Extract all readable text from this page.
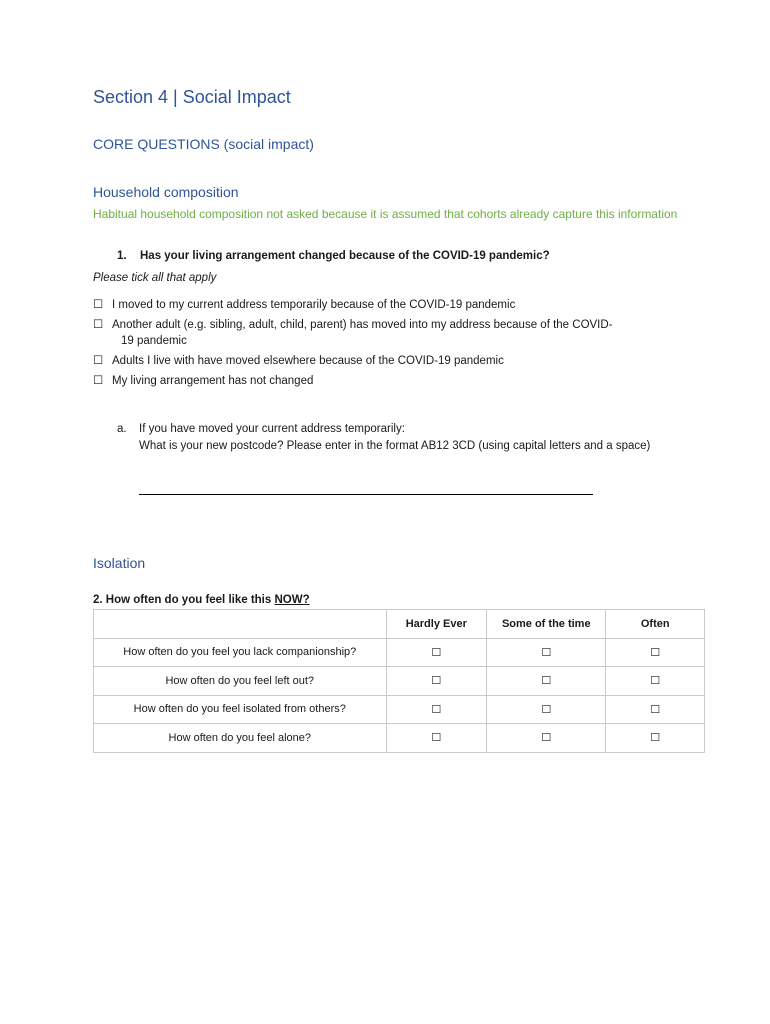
Section 4 | Social Impact
CORE QUESTIONS (social impact)
Household composition
Habitual household composition not asked because it is assumed that cohorts already capture this information
1. Has your living arrangement changed because of the COVID-19 pandemic?
Please tick all that apply
☐ I moved to my current address temporarily because of the COVID-19 pandemic
☐ Another adult (e.g. sibling, adult, child, parent) has moved into my address because of the COVID-
19 pandemic
☐ Adults I live with have moved elsewhere because of the COVID-19 pandemic
☐ My living arrangement has not changed
a. If you have moved your current address temporarily:
What is your new postcode? Please enter in the format AB12 3CD (using capital letters and a space)
Isolation
2. How often do you feel like this NOW?
	Hardly Ever	Some of the time	Often
How often do you feel you lack companionship?	☐	☐	☐
How often do you feel left out?	☐	☐	☐
How often do you feel isolated from others?	☐	☐	☐
How often do you feel alone?	☐	☐	☐
